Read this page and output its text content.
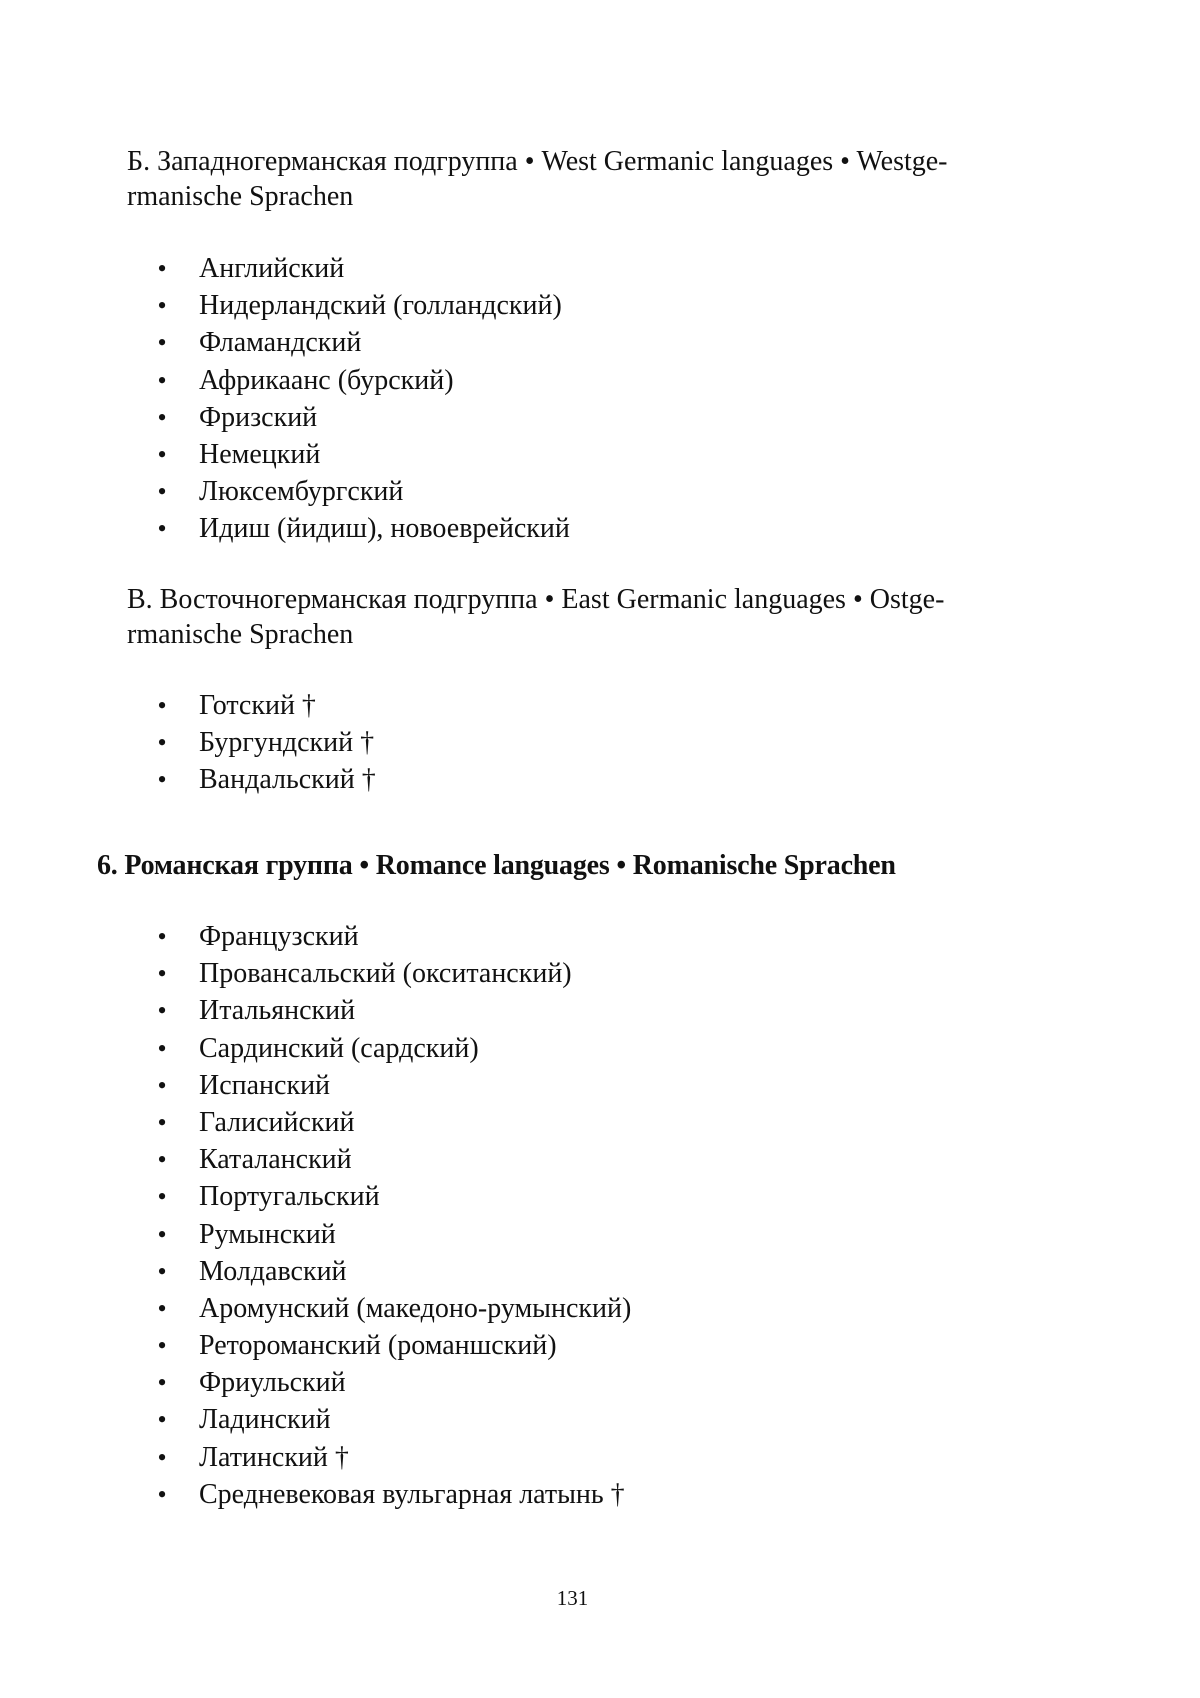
Б. Западногерманская подгруппа • West Germanic languages • Westge-
rmanische Sprachen
• Английский
• Нидерландский (голландский)
• Фламандский
• Африкаанс (бурский)
• Фризский
• Немецкий
• Люксембургский
• Идиш (йидиш), новоеврейский
В. Восточногерманская подгруппа • East Germanic languages • Ostge-
rmanische Sprachen
• Готский †
• Бургундский †
• Вандальский †
6. Романская группа • Romance languages • Romanische Sprachen
• Французский
• Провансальский (окситанский)
• Итальянский
• Сардинский (сардский)
• Испанский
• Галисийский
• Каталанский
• Португальский
• Румынский
• Молдавский
• Аромунский (македоно-румынский)
• Ретороманский (романшский)
• Фриульский
• Ладинский
• Латинский †
• Средневековая вульгарная латынь †
131
